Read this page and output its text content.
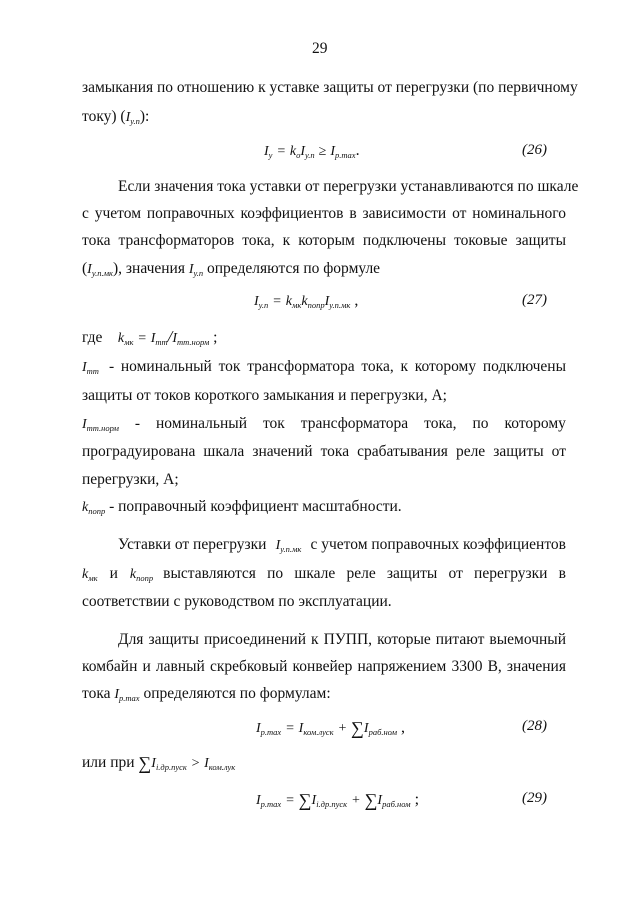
29
замыкания по отношению к уставке защиты от перегрузки (по первичному
току) $(I_{у.п})$:
$I_у = k_оI_{у.п} \ge I_{р.max}$.	(26)
Если значения тока уставки от перегрузки устанавливаются по шкале
с учетом поправочных коэффициентов в зависимости от номинального
тока трансформаторов тока, к которым подключены токовые защиты
$(I_{у.п.мк})$, значения $I_{у.п}$ определяются по формуле
$I_{у.п} = k_{мк}k_{попр}I_{у.п.мк}$ ,	(27)
где $k_{мк} = I_{тт}/I_{тт.норм}$ ;
$I_{тт}$ - номинальный ток трансформатора тока, к которому подключены
защиты от токов короткого замыкания и перегрузки, А;
$I_{тт.норм}$ - номинальный ток трансформатора тока, по которому
проградуирована шкала значений тока срабатывания реле защиты от
перегрузки, А;
$k_{попр}$ - поправочный коэффициент масштабности.
Уставки от перегрузки $I_{у.п.мк}$ с учетом поправочных коэффициентов
$k_{мк}$ и $k_{попр}$ выставляются по шкале реле защиты от перегрузки в
соответствии с руководством по эксплуатации.
Для защиты присоединений к ПУПП, которые питают выемочный
комбайн и лавный скребковый конвейер напряжением 3300 В, значения
тока $I_{р.max}$ определяются по формулам:
$I_{р.max} = I_{ком.луск} + \sum I_{раб.ном}$ ,	(28)
или при $\sum I_{i.др.пуск} > I_{ком.лук}$
$I_{р.max} = \sum I_{i.др.пуск} + \sum I_{раб.ном}$ ;	(29)
